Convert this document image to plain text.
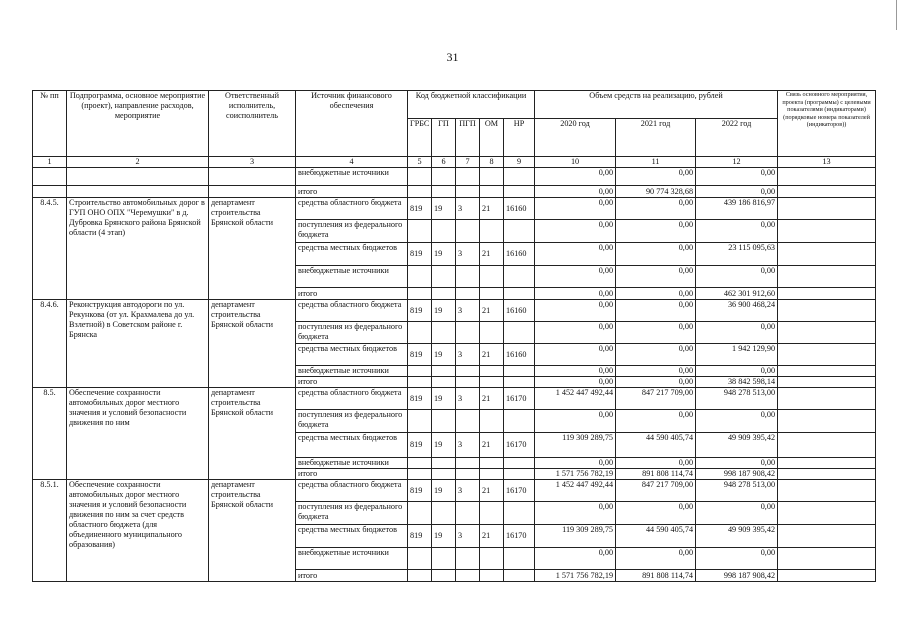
31
№ пп	Подпрограмма, основное мероприятие (проект), направление расходов, мероприятие	Ответственный исполнитель, соисполнитель	Источник финансового обеспечения	Код бюджетной классификации					Объем средств на реализацию, рублей			Связь основного мероприятия, проекта (программы) с целевыми показателями (индикаторами) (порядковые номера показателей (индикаторов))
				ГРБС	ГП	ПГП	ОМ	НР	2020 год	2021 год	2022 год	
1	2	3	4	5	6	7	8	9	10	11	12	13
			внебюджетные источники						0,00	0,00	0,00	
			итого						0,00	90 774 328,68	0,00	
8.4.5.	Строительство автомобильных дорог в ГУП ОНО ОПХ "Черемушки" в д. Дубровка Брянского района Брянской области (4 этап)	департамент строительства Брянской области	средства областного бюджета	819	19	3	21	16160	0,00	0,00	439 186 816,97	
			поступления из федерального бюджета						0,00	0,00	0,00	
			средства местных бюджетов	819	19	3	21	16160	0,00	0,00	23 115 095,63	
			внебюджетные источники						0,00	0,00	0,00	
			итого						0,00	0,00	462 301 912,60	
8.4.6.	Реконструкция автодороги по ул. Рекункова (от ул. Крахмалева до ул. Взлетной) в Советском районе г. Брянска	департамент строительства Брянской области	средства областного бюджета	819	19	3	21	16160	0,00	0,00	36 900 468,24	
			поступления из федерального бюджета						0,00	0,00	0,00	
			средства местных бюджетов	819	19	3	21	16160	0,00	0,00	1 942 129,90	
			внебюджетные источники						0,00	0,00	0,00	
			итого						0,00	0,00	38 842 598,14	
8.5.	Обеспечение сохранности автомобильных дорог местного значения и условий безопасности движения по ним	департамент строительства Брянской области	средства областного бюджета	819	19	3	21	16170	1 452 447 492,44	847 217 709,00	948 278 513,00	
			поступления из федерального бюджета						0,00	0,00	0,00	
			средства местных бюджетов	819	19	3	21	16170	119 309 289,75	44 590 405,74	49 909 395,42	
			внебюджетные источники						0,00	0,00	0,00	
			итого						1 571 756 782,19	891 808 114,74	998 187 908,42	
8.5.1.	Обеспечение сохранности автомобильных дорог местного значения и условий безопасности движения по ним за счет средств областного бюджета (для объединенного муниципального образования)	департамент строительства Брянской области	средства областного бюджета	819	19	3	21	16170	1 452 447 492,44	847 217 709,00	948 278 513,00	
			поступления из федерального бюджета						0,00	0,00	0,00	
			средства местных бюджетов	819	19	3	21	16170	119 309 289,75	44 590 405,74	49 909 395,42	
			внебюджетные источники						0,00	0,00	0,00	
			итого						1 571 756 782,19	891 808 114,74	998 187 908,42	
